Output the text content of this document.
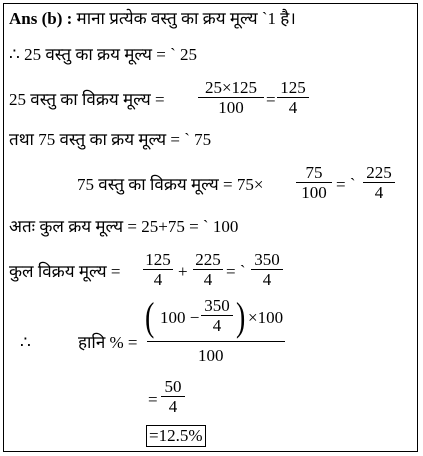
Ans (b) : माना प्रत्येक वस्तु का क्रय मूल्य `1 है।
∴ 25 वस्तु का क्रय मूल्य = ` 25
25 वस्तु का विक्रय मूल्य =
25×125
100	=
125
4
तथा 75 वस्तु का क्रय मूल्य = ` 75
75 वस्तु का विक्रय मूल्य = 75×
75
100 = `
225
4
अतः कुल क्रय मूल्य = 25+75 = ` 100
कुल विक्रय मूल्य =
125
4 +
225
4 = `
350
4
∴	हानि % =
( 100 −
350
4 ) ×100
100
=
50
4
=12.5%
